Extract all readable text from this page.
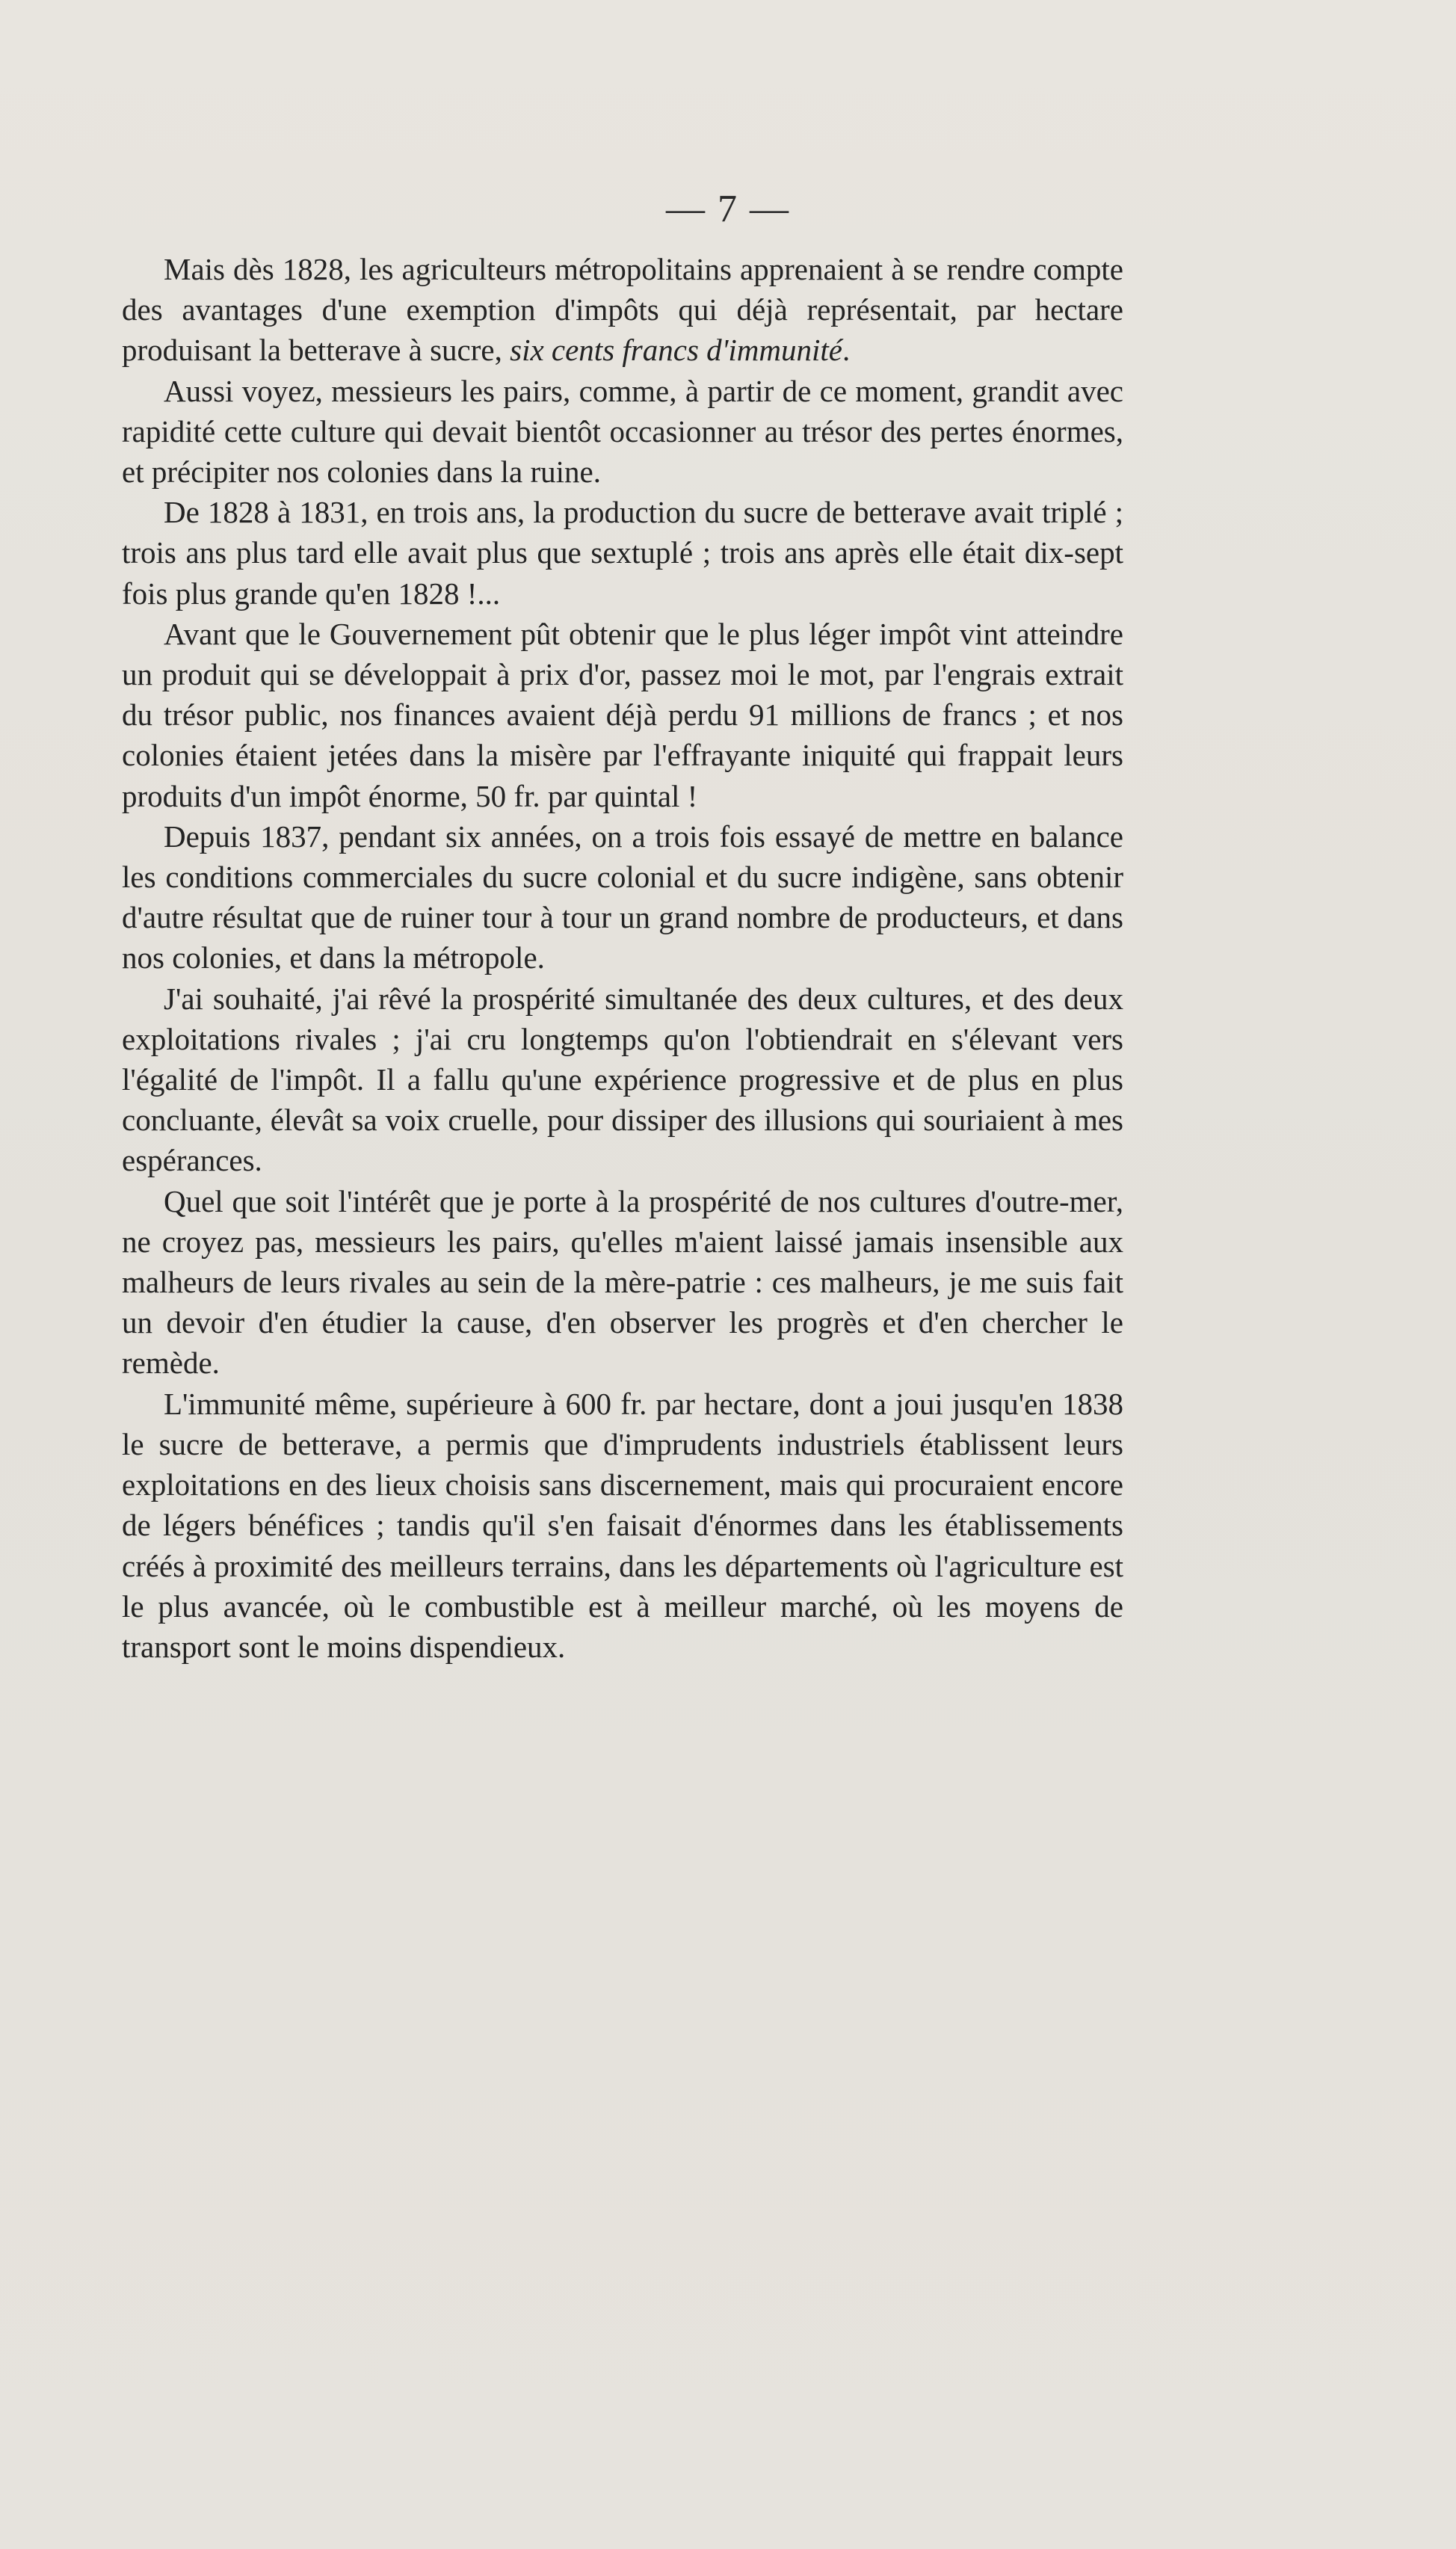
— 7 —

Mais dès 1828, les agriculteurs métropolitains apprenaient à se rendre compte des avantages d'une exemption d'impôts qui déjà représentait, par hectare produisant la betterave à sucre, six cents francs d'immunité.

Aussi voyez, messieurs les pairs, comme, à partir de ce moment, grandit avec rapidité cette culture qui devait bientôt occasionner au trésor des pertes énormes, et précipiter nos colonies dans la ruine.

De 1828 à 1831, en trois ans, la production du sucre de betterave avait triplé ; trois ans plus tard elle avait plus que sextuplé ; trois ans après elle était dix-sept fois plus grande qu'en 1828 !...

Avant que le Gouvernement pût obtenir que le plus léger impôt vint atteindre un produit qui se développait à prix d'or, passez moi le mot, par l'engrais extrait du trésor public, nos finances avaient déjà perdu 91 millions de francs ; et nos colonies étaient jetées dans la misère par l'effrayante iniquité qui frappait leurs produits d'un impôt énorme, 50 fr. par quintal !

Depuis 1837, pendant six années, on a trois fois essayé de mettre en balance les conditions commerciales du sucre colonial et du sucre indigène, sans obtenir d'autre résultat que de ruiner tour à tour un grand nombre de producteurs, et dans nos colonies, et dans la métropole.

J'ai souhaité, j'ai rêvé la prospérité simultanée des deux cultures, et des deux exploitations rivales ; j'ai cru longtemps qu'on l'obtiendrait en s'élevant vers l'égalité de l'impôt. Il a fallu qu'une expérience progressive et de plus en plus concluante, élevât sa voix cruelle, pour dissiper des illusions qui souriaient à mes espérances.

Quel que soit l'intérêt que je porte à la prospérité de nos cultures d'outre-mer, ne croyez pas, messieurs les pairs, qu'elles m'aient laissé jamais insensible aux malheurs de leurs rivales au sein de la mère-patrie : ces malheurs, je me suis fait un devoir d'en étudier la cause, d'en observer les progrès et d'en chercher le remède.

L'immunité même, supérieure à 600 fr. par hectare, dont a joui jusqu'en 1838 le sucre de betterave, a permis que d'imprudents industriels établissent leurs exploitations en des lieux choisis sans discernement, mais qui procuraient encore de légers bénéfices ; tandis qu'il s'en faisait d'énormes dans les établissements créés à proximité des meilleurs terrains, dans les départements où l'agriculture est le plus avancée, où le combustible est à meilleur marché, où les moyens de transport sont le moins dispendieux.
